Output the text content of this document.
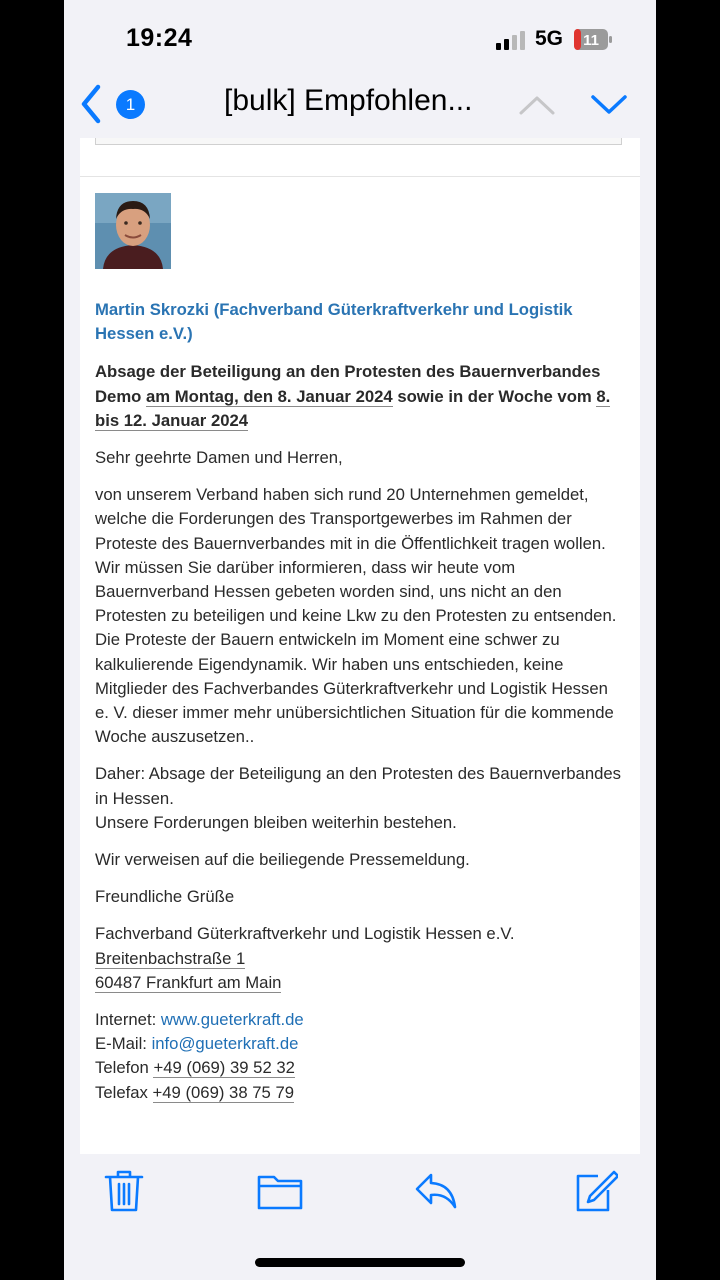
19:24	5G 11
1	[bulk] Empfohlen...
Martin Skrozki (Fachverband Güterkraftverkehr und Logistik Hessen e.V.)
Absage der Beteiligung an den Protesten des Bauernverbandes
Demo am Montag, den 8. Januar 2024 sowie in der Woche vom 8. bis 12. Januar 2024

Sehr geehrte Damen und Herren,

von unserem Verband haben sich rund 20 Unternehmen gemeldet, welche die Forderungen des Transportgewerbes im Rahmen der Proteste des Bauernverbandes mit in die Öffentlichkeit tragen wollen. Wir müssen Sie darüber informieren, dass wir heute vom Bauernverband Hessen gebeten worden sind, uns nicht an den Protesten zu beteiligen und keine Lkw zu den Protesten zu entsenden. Die Proteste der Bauern entwickeln im Moment eine schwer zu kalkulierende Eigendynamik. Wir haben uns entschieden, keine Mitglieder des Fachverbandes Güterkraftverkehr und Logistik Hessen e. V. dieser immer mehr unübersichtlichen Situation für die kommende Woche auszusetzen..

Daher: Absage der Beteiligung an den Protesten des Bauernverbandes in Hessen.
Unsere Forderungen bleiben weiterhin bestehen.

Wir verweisen auf die beiliegende Pressemeldung.

Freundliche Grüße

Fachverband Güterkraftverkehr und Logistik Hessen e.V.
Breitenbachstraße 1
60487 Frankfurt am Main

Internet: www.gueterkraft.de
E-Mail: info@gueterkraft.de
Telefon +49 (069) 39 52 32
Telefax +49 (069) 38 75 79
